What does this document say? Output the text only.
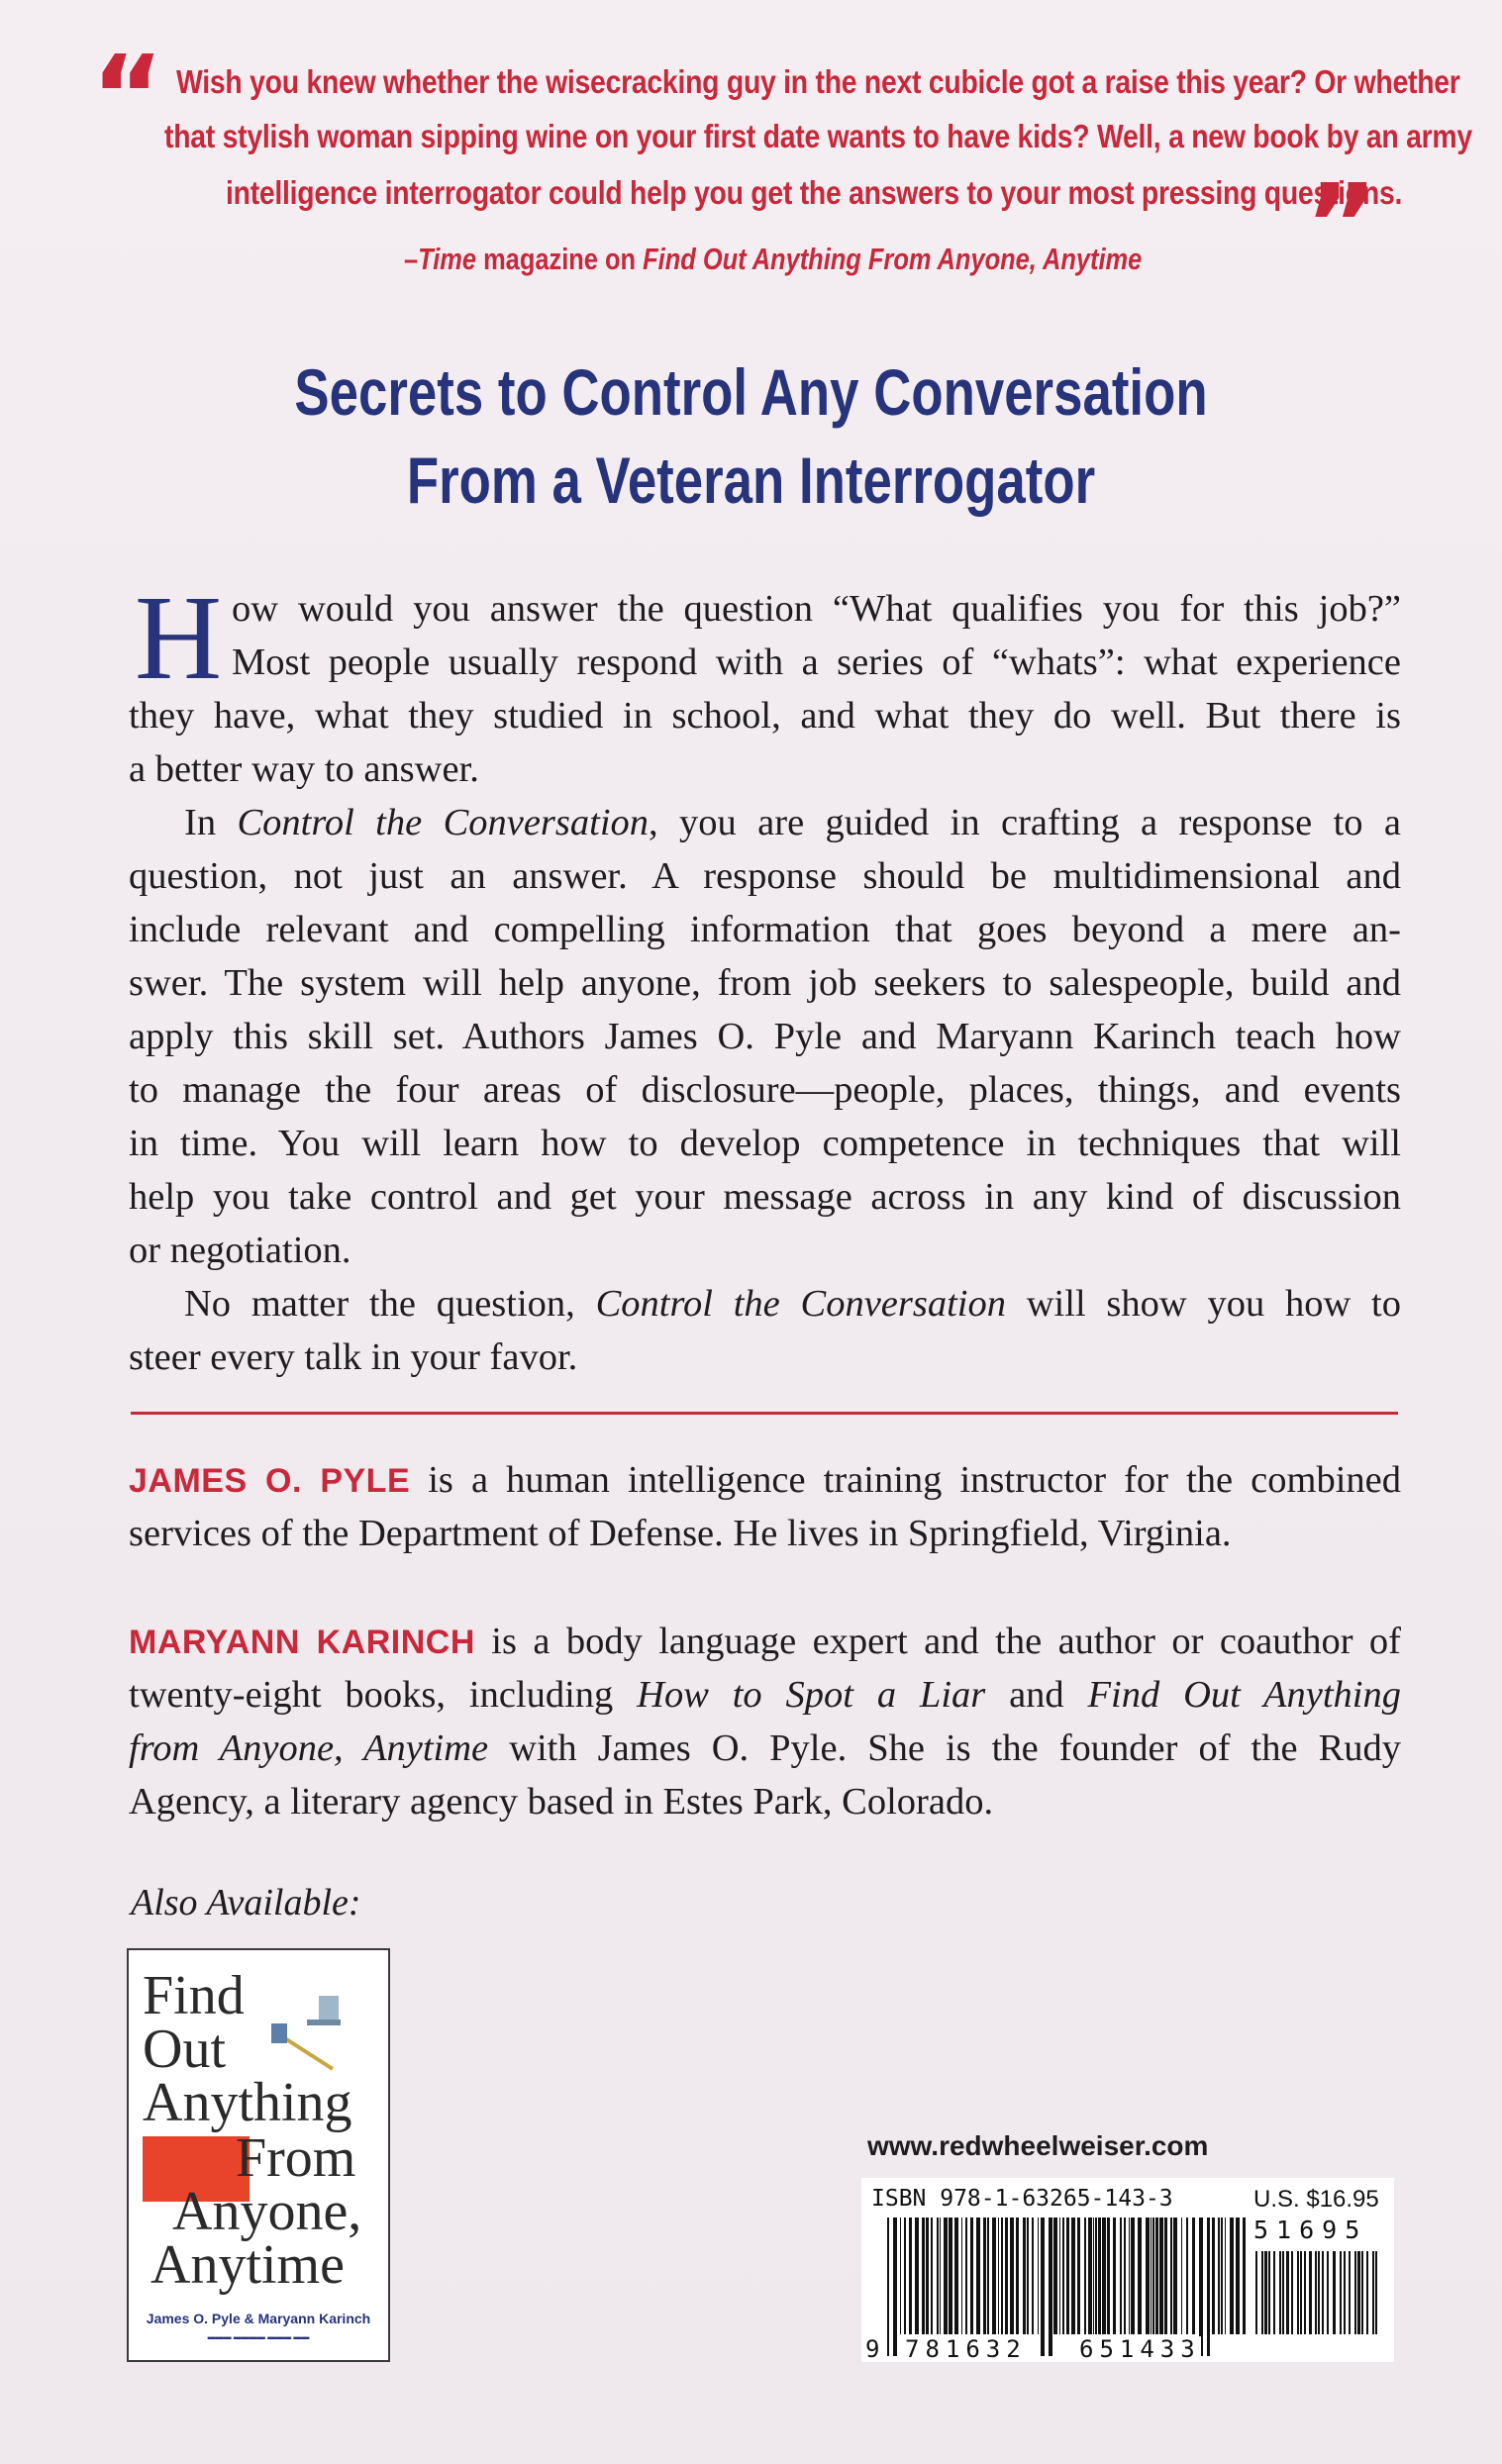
“ Wish you knew whether the wisecracking guy in the next cubicle got a raise this year? Or whether
that stylish woman sipping wine on your first date wants to have kids? Well, a new book by an army
intelligence interrogator could help you get the answers to your most pressing questions.
”
–Time magazine on Find Out Anything From Anyone, Anytime
Secrets to Control Any Conversation
From a Veteran Interrogator
H ow would you answer the question “What qualifies you for this job?”
Most people usually respond with a series of “whats”: what experience
they have, what they studied in school, and what they do well. But there is
a better way to answer.
In Control the Conversation, you are guided in crafting a response to a
question, not just an answer. A response should be multidimensional and
include relevant and compelling information that goes beyond a mere an-
swer. The system will help anyone, from job seekers to salespeople, build and
apply this skill set. Authors James O. Pyle and Maryann Karinch teach how
to manage the four areas of disclosure—people, places, things, and events
in time. You will learn how to develop competence in techniques that will
help you take control and get your message across in any kind of discussion
or negotiation.
No matter the question, Control the Conversation will show you how to
steer every talk in your favor.
JAMES O. PYLE is a human intelligence training instructor for the combined
services of the Department of Defense. He lives in Springfield, Virginia.
MARYANN KARINCH is a body language expert and the author or coauthor of
twenty-eight books, including How to Spot a Liar and Find Out Anything
from Anyone, Anytime with James O. Pyle. She is the founder of the Rudy
Agency, a literary agency based in Estes Park, Colorado.
Also Available:
Find
Out
Anything
From
Anyone,
Anytime
James O. Pyle & Maryann Karinch
▬▬▬ ▬▬▬▬ ▬▬▬ ▬▬
www.redwheelweiser.com
ISBN 978-1-63265-143-3	U.S. $16.95
51695
9 781632 651433
